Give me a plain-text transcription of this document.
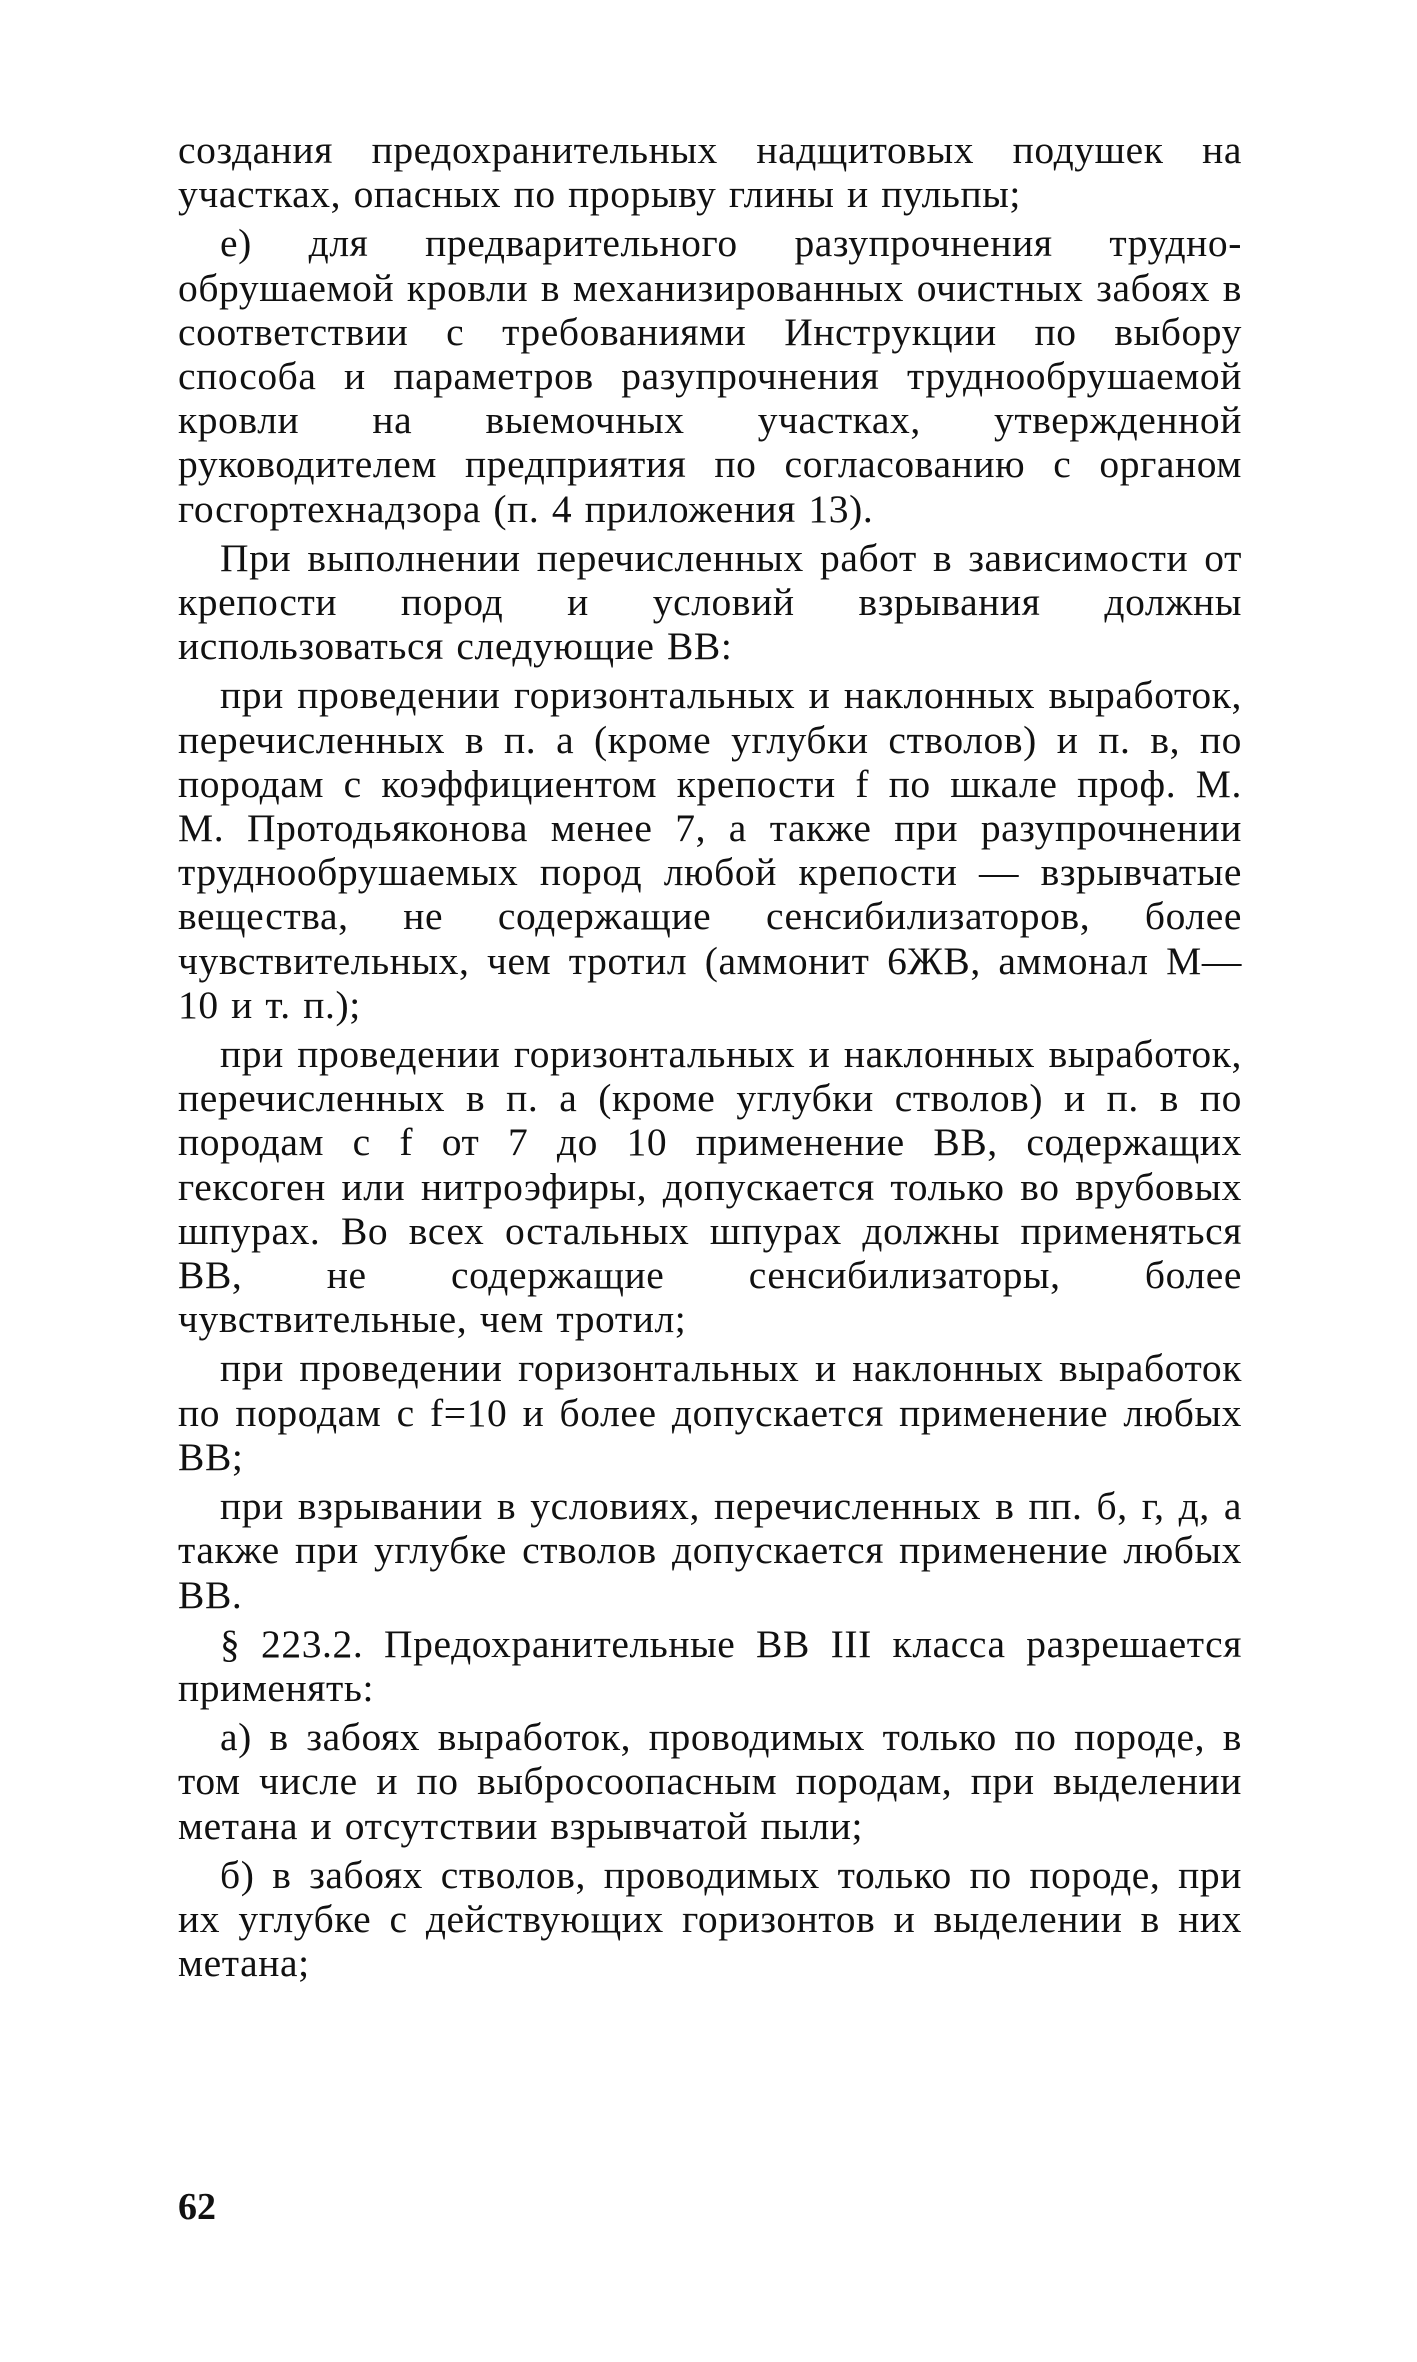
создания предохранительных надщитовых подушек на участках, опасных по прорыву глины и пульпы;

е) для предварительного разупрочнения трудно-обрушаемой кровли в механизированных очистных забоях в соответствии с требованиями Инструкции по выбору способа и параметров разупрочнения труднообрушаемой кровли на выемочных участках, утвержденной руководителем предприятия по согласованию с органом госгортехнадзора (п. 4 приложения 13).

При выполнении перечисленных работ в зависимости от крепости пород и условий взрывания должны использоваться следующие ВВ:

при проведении горизонтальных и наклонных выработок, перечисленных в п. а (кроме углубки стволов) и п. в, по породам с коэффициентом крепости f по шкале проф. М. М. Протодьяконова менее 7, а также при разупрочнении труднообрушаемых пород любой крепости — взрывчатые вещества, не содержащие сенсибилизаторов, более чувствительных, чем тротил (аммонит 6ЖВ, аммонал М—10 и т. п.);

при проведении горизонтальных и наклонных выработок, перечисленных в п. а (кроме углубки стволов) и п. в по породам с f от 7 до 10 применение ВВ, содержащих гексоген или нитроэфиры, допускается только во врубовых шпурах. Во всех остальных шпурах должны применяться ВВ, не содержащие сенсибилизаторы, более чувствительные, чем тротил;

при проведении горизонтальных и наклонных выработок по породам с f=10 и более допускается применение любых ВВ;

при взрывании в условиях, перечисленных в пп. б, г, д, а также при углубке стволов допускается применение любых ВВ.

§ 223.2. Предохранительные ВВ III класса разрешается применять:

а) в забоях выработок, проводимых только по породе, в том числе и по выбросоопасным породам, при выделении метана и отсутствии взрывчатой пыли;

б) в забоях стволов, проводимых только по породе, при их углубке с действующих горизонтов и выделении в них метана;

62
